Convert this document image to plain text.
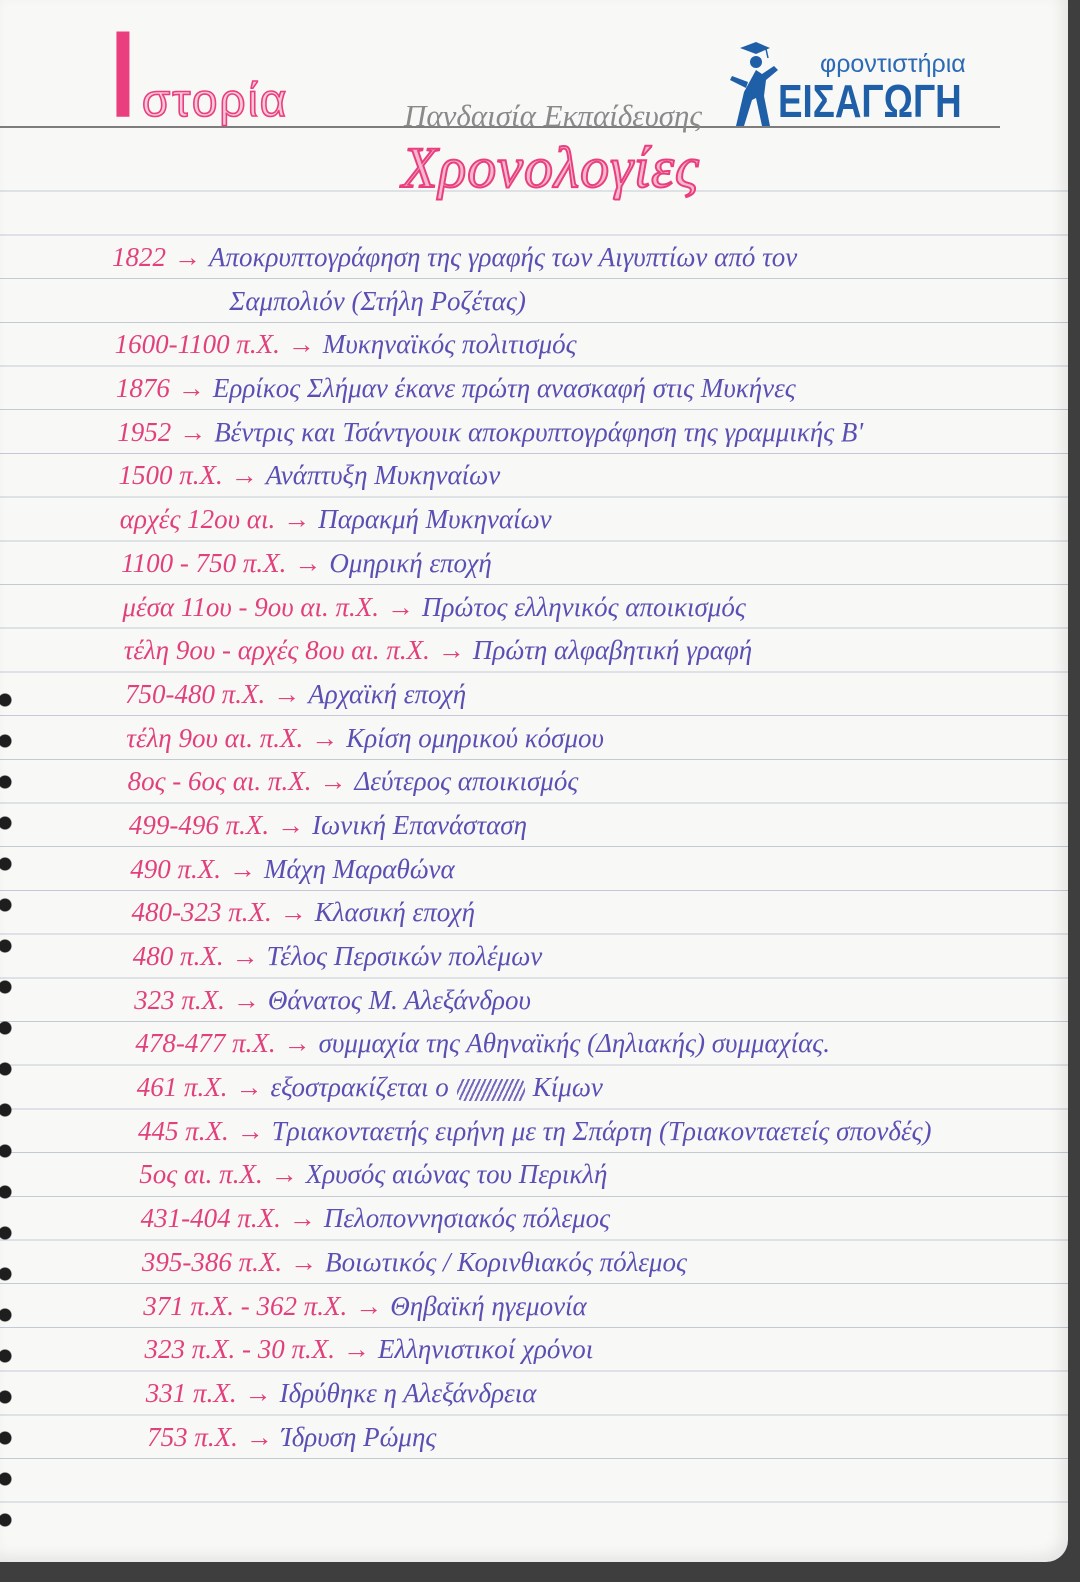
Ιστορία	Πανδαισία Εκπαίδευσης
Χρονολογίες
φροντιστήρια
ΕΙΣΑΓΩΓΗ
1822 → Αποκρυπτογράφηση της γραφής των Αιγυπτίων από τον
Σαμπολιόν (Στήλη Ροζέτας)
1600-1100 π.Χ. → Μυκηναϊκός πολιτισμός
1876 → Ερρίκος Σλήμαν έκανε πρώτη ανασκαφή στις Μυκήνες
1952 → Βέντρις και Τσάντγουικ αποκρυπτογράφηση της γραμμικής Β'
1500 π.Χ. → Ανάπτυξη Μυκηναίων
αρχές 12ου αι. → Παρακμή Μυκηναίων
1100 - 750 π.Χ. → Ομηρική εποχή
μέσα 11ου - 9ου αι. π.Χ. → Πρώτος ελληνικός αποικισμός
τέλη 9ου - αρχές 8ου αι. π.Χ. → Πρώτη αλφαβητική γραφή
750-480 π.Χ. → Αρχαϊκή εποχή
τέλη 9ου αι. π.Χ. → Κρίση ομηρικού κόσμου
8ος - 6ος αι. π.Χ. → Δεύτερος αποικισμός
499-496 π.Χ. → Ιωνική Επανάσταση
490 π.Χ. → Μάχη Μαραθώνα
480-323 π.Χ. → Κλασική εποχή
480 π.Χ. → Τέλος Περσικών πολέμων
323 π.Χ. → Θάνατος Μ. Αλεξάνδρου
478-477 π.Χ. → συμμαχία της Αθηναϊκής (Δηλιακής) συμμαχίας.
461 π.Χ. → εξοστρακίζεται ο	Κίμων
445 π.Χ. → Τριακονταετής ειρήνη με τη Σπάρτη (Τριακονταετείς σπονδές)
5ος αι. π.Χ. → Χρυσός αιώνας του Περικλή
431-404 π.Χ. → Πελοποννησιακός πόλεμος
395-386 π.Χ. → Βοιωτικός / Κορινθιακός πόλεμος
371 π.Χ. - 362 π.Χ. → Θηβαϊκή ηγεμονία
323 π.Χ. - 30 π.Χ. → Ελληνιστικοί χρόνοι
331 π.Χ. → Ιδρύθηκε η Αλεξάνδρεια
753 π.Χ. → Ίδρυση Ρώμης
